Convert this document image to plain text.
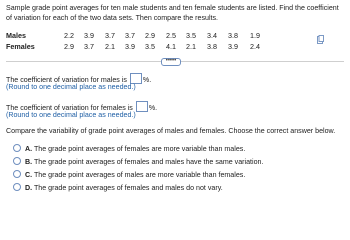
Sample grade point averages for ten male students and ten female students are listed. Find the coefficient of variation for each of the two data sets. Then compare the results.
Males	2.2	3.9	3.7	3.7	2.9	2.5	3.5	3.4	3.8	1.9
Females	2.9	3.7	2.1	3.9	3.5	4.1	2.1	3.8	3.9	2.4
•••••
The coefficient of variation for males is %.
(Round to one decimal place as needed.)
The coefficient of variation for females is %.
(Round to one decimal place as needed.)
Compare the variability of grade point averages of males and females. Choose the correct answer below.
A. The grade point averages of females are more variable than males.
B. The grade point averages of females and males have the same variation.
C. The grade point averages of males are more variable than females.
D. The grade point averages of females and males do not vary.
